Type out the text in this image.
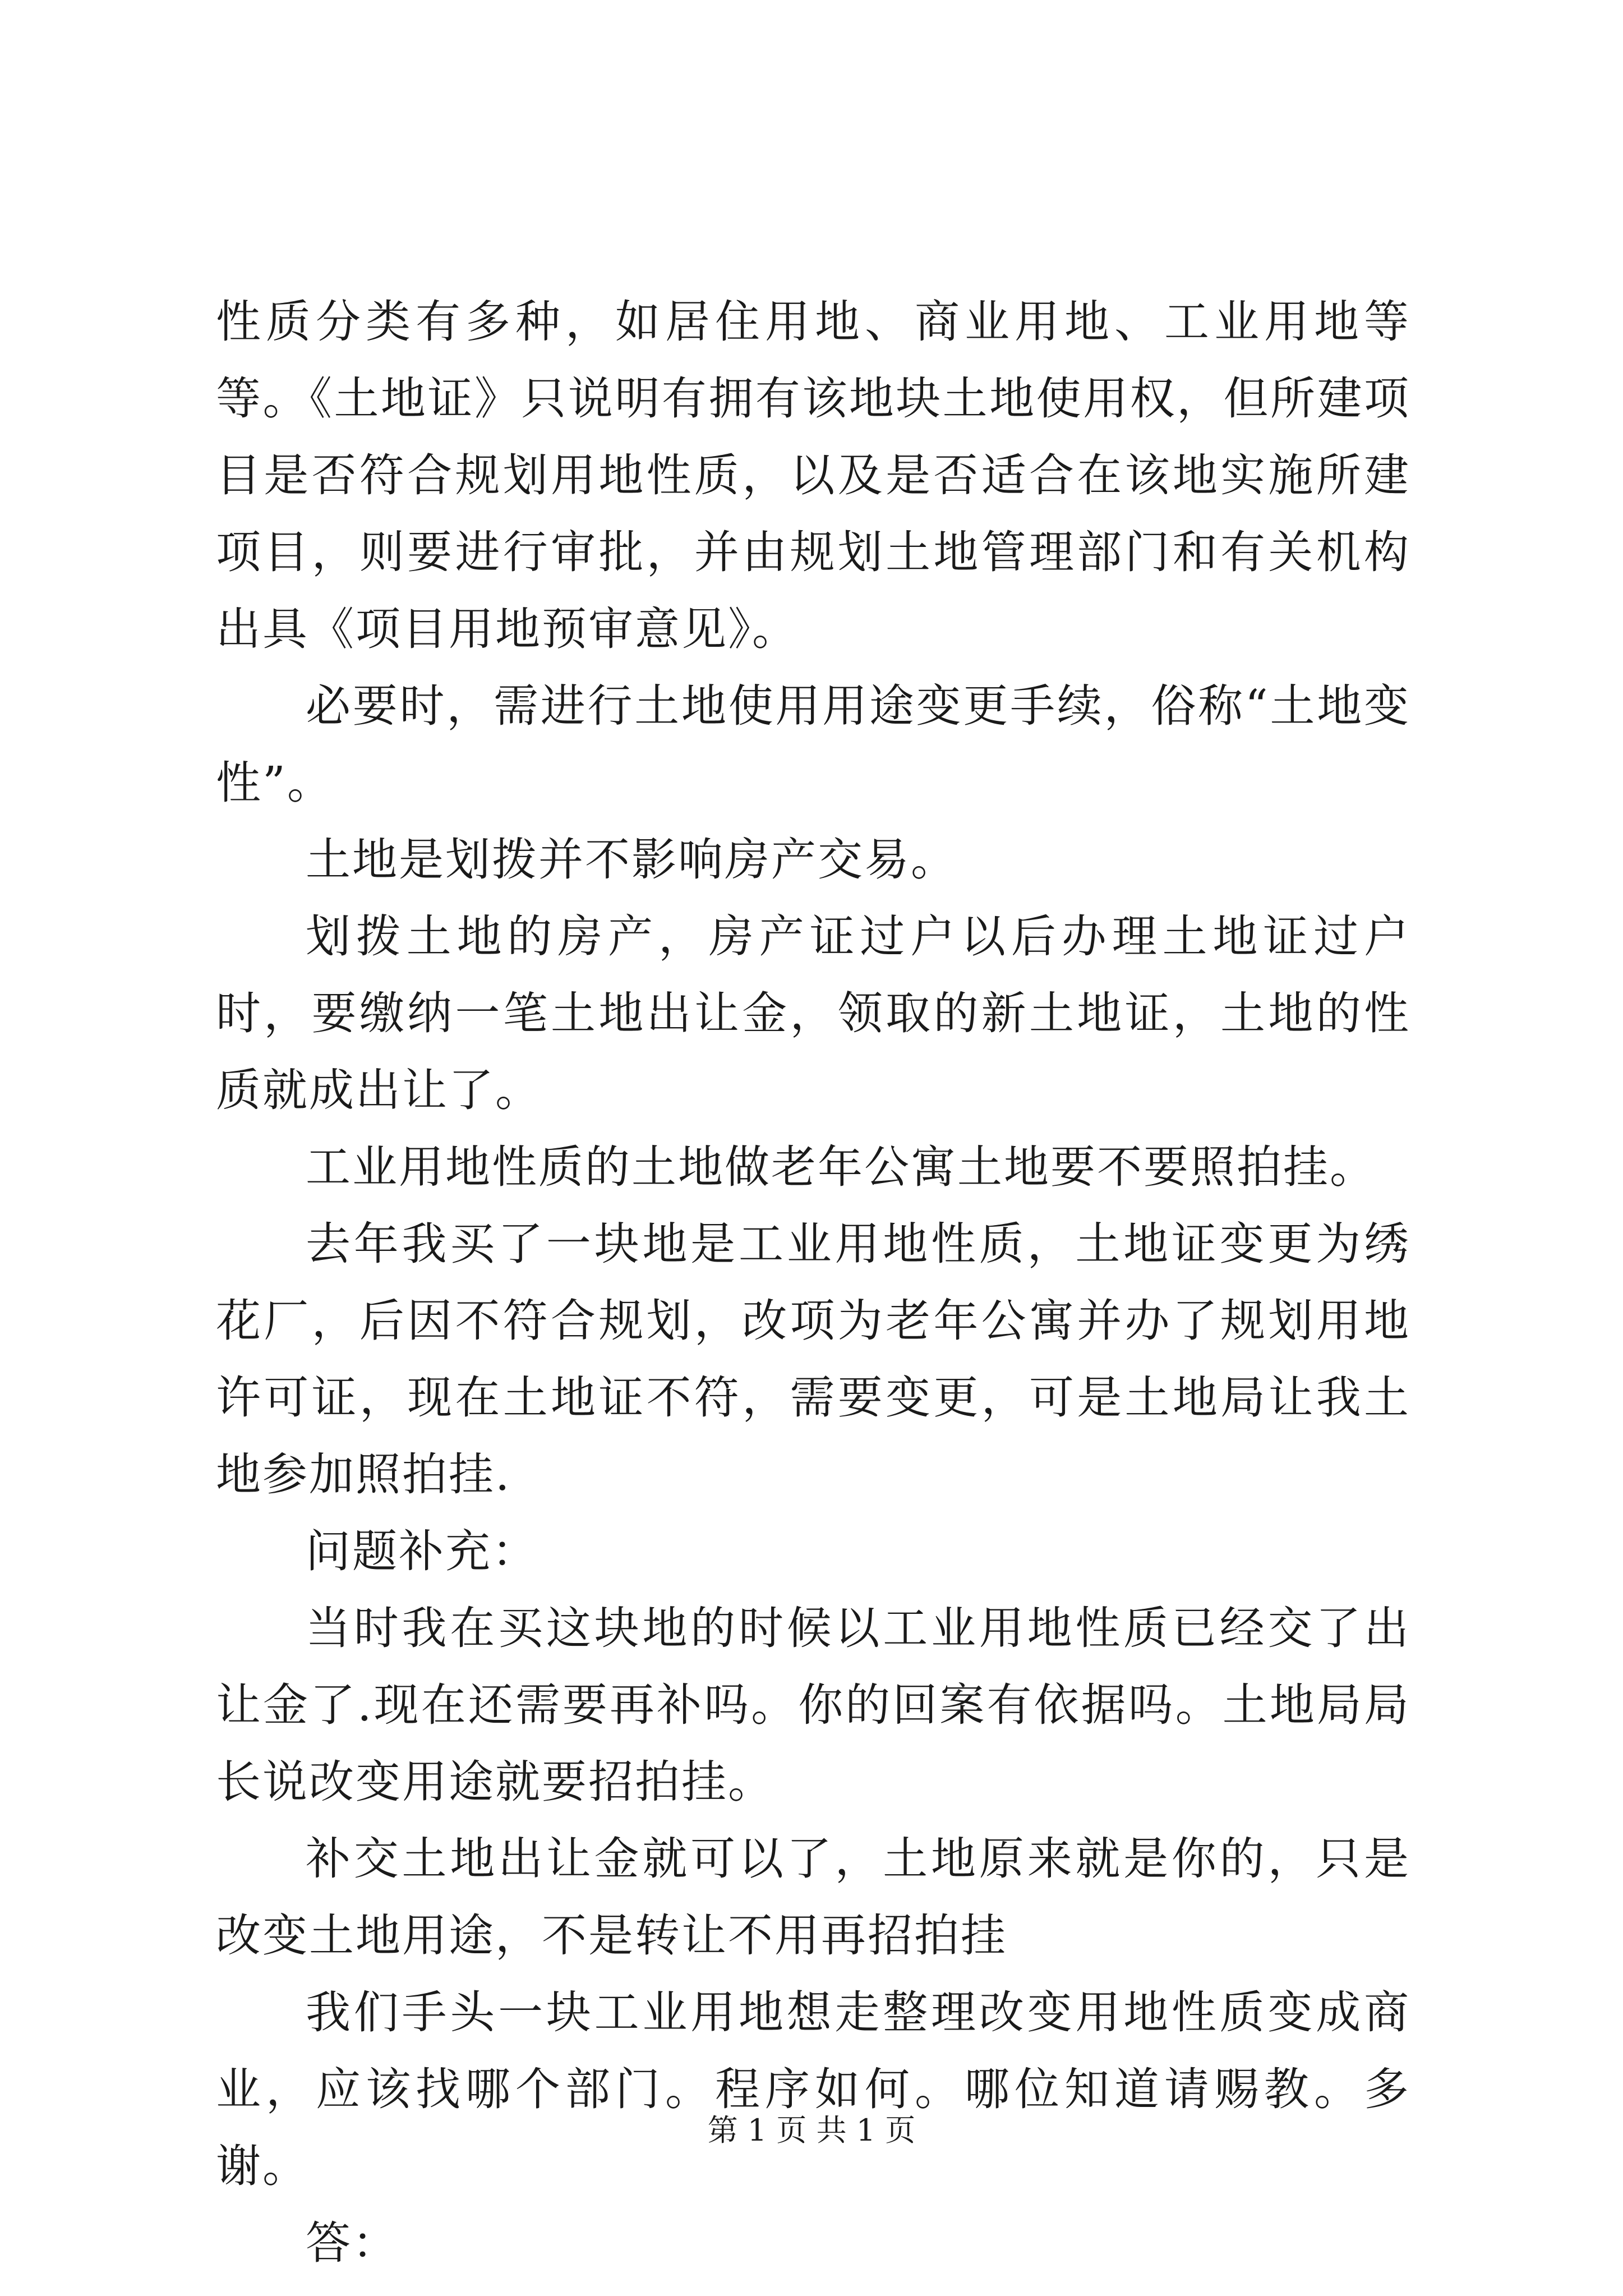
性质分类有多种，如居住用地、商业用地、工业用地等等。《土地证》只说明有拥有该地块土地使用权，但所建项目是否符合规划用地性质，以及是否适合在该地实施所建项目，则要进行审批，并由规划土地管理部门和有关机构出具《项目用地预审意见》。

必要时，需进行土地使用用途变更手续，俗称“土地变性”。

土地是划拨并不影响房产交易。

划拨土地的房产，房产证过户以后办理土地证过户时，要缴纳一笔土地出让金，领取的新土地证，土地的性质就成出让了。

工业用地性质的土地做老年公寓土地要不要照拍挂。

去年我买了一块地是工业用地性质，土地证变更为绣花厂，后因不符合规划，改项为老年公寓并办了规划用地许可证，现在土地证不符，需要变更，可是土地局让我土地参加照拍挂.

问题补充：

当时我在买这块地的时候以工业用地性质已经交了出让金了.现在还需要再补吗。你的回案有依据吗。土地局局长说改变用途就要招拍挂。

补交土地出让金就可以了，土地原来就是你的，只是改变土地用途，不是转让不用再招拍挂

我们手头一块工业用地想走整理改变用地性质变成商业，应该找哪个部门。程序如何。哪位知道请赐教。多谢。

答：

第 1 页 共 1 页
